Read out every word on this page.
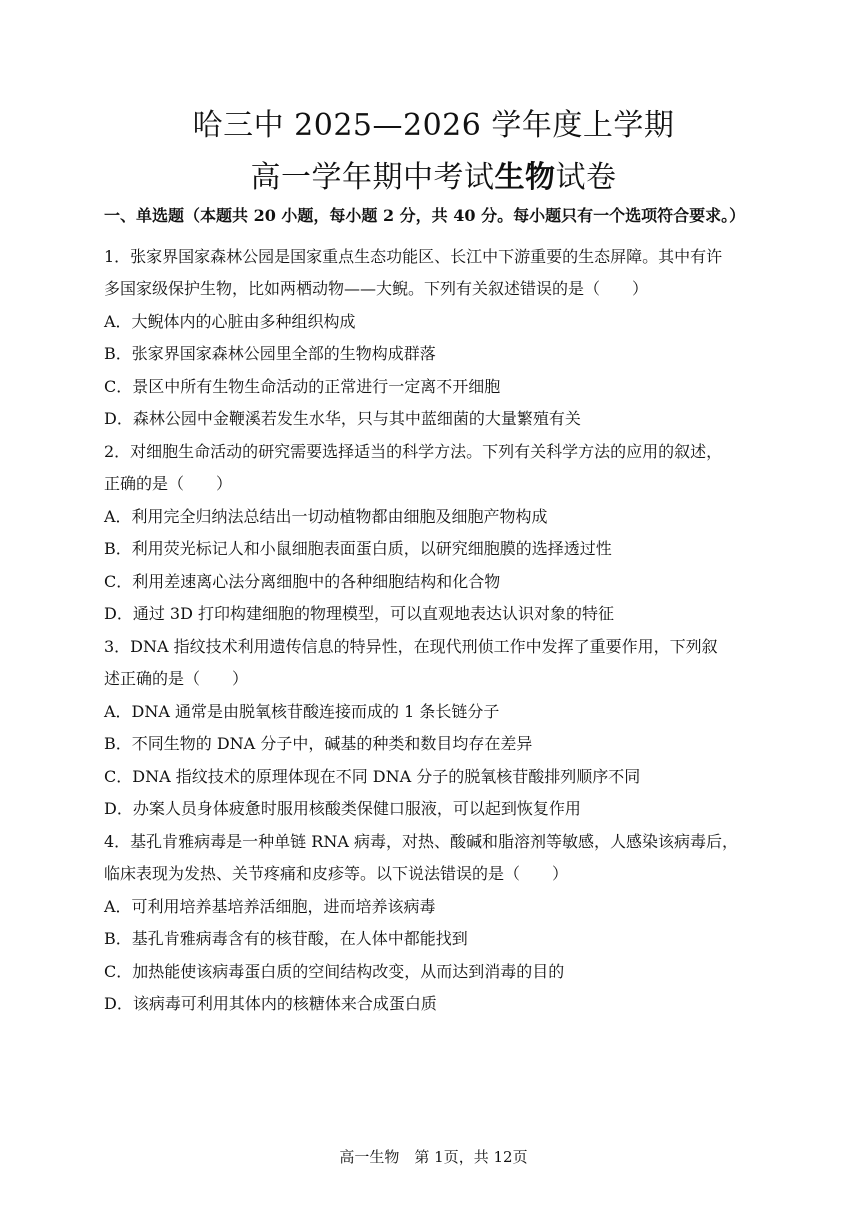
哈三中 2025—2026 学年度上学期
高一学年期中考试生物试卷
一、单选题（本题共 20 小题，每小题 2 分，共 40 分。每小题只有一个选项符合要求。）
1．张家界国家森林公园是国家重点生态功能区、长江中下游重要的生态屏障。其中有许
多国家级保护生物，比如两栖动物——大鲵。下列有关叙述错误的是（　　）
A．大鲵体内的心脏由多种组织构成
B．张家界国家森林公园里全部的生物构成群落
C．景区中所有生物生命活动的正常进行一定离不开细胞
D．森林公园中金鞭溪若发生水华，只与其中蓝细菌的大量繁殖有关
2．对细胞生命活动的研究需要选择适当的科学方法。下列有关科学方法的应用的叙述，
正确的是（　　）
A．利用完全归纳法总结出一切动植物都由细胞及细胞产物构成
B．利用荧光标记人和小鼠细胞表面蛋白质，以研究细胞膜的选择透过性
C．利用差速离心法分离细胞中的各种细胞结构和化合物
D．通过 3D 打印构建细胞的物理模型，可以直观地表达认识对象的特征
3．DNA 指纹技术利用遗传信息的特异性，在现代刑侦工作中发挥了重要作用，下列叙
述正确的是（　　）
A．DNA 通常是由脱氧核苷酸连接而成的 1 条长链分子
B．不同生物的 DNA 分子中，碱基的种类和数目均存在差异
C．DNA 指纹技术的原理体现在不同 DNA 分子的脱氧核苷酸排列顺序不同
D．办案人员身体疲惫时服用核酸类保健口服液，可以起到恢复作用
4．基孔肯雅病毒是一种单链 RNA 病毒，对热、酸碱和脂溶剂等敏感，人感染该病毒后，
临床表现为发热、关节疼痛和皮疹等。以下说法错误的是（　　）
A．可利用培养基培养活细胞，进而培养该病毒
B．基孔肯雅病毒含有的核苷酸，在人体中都能找到
C．加热能使该病毒蛋白质的空间结构改变，从而达到消毒的目的
D．该病毒可利用其体内的核糖体来合成蛋白质
高一生物　第 1页，共 12页
